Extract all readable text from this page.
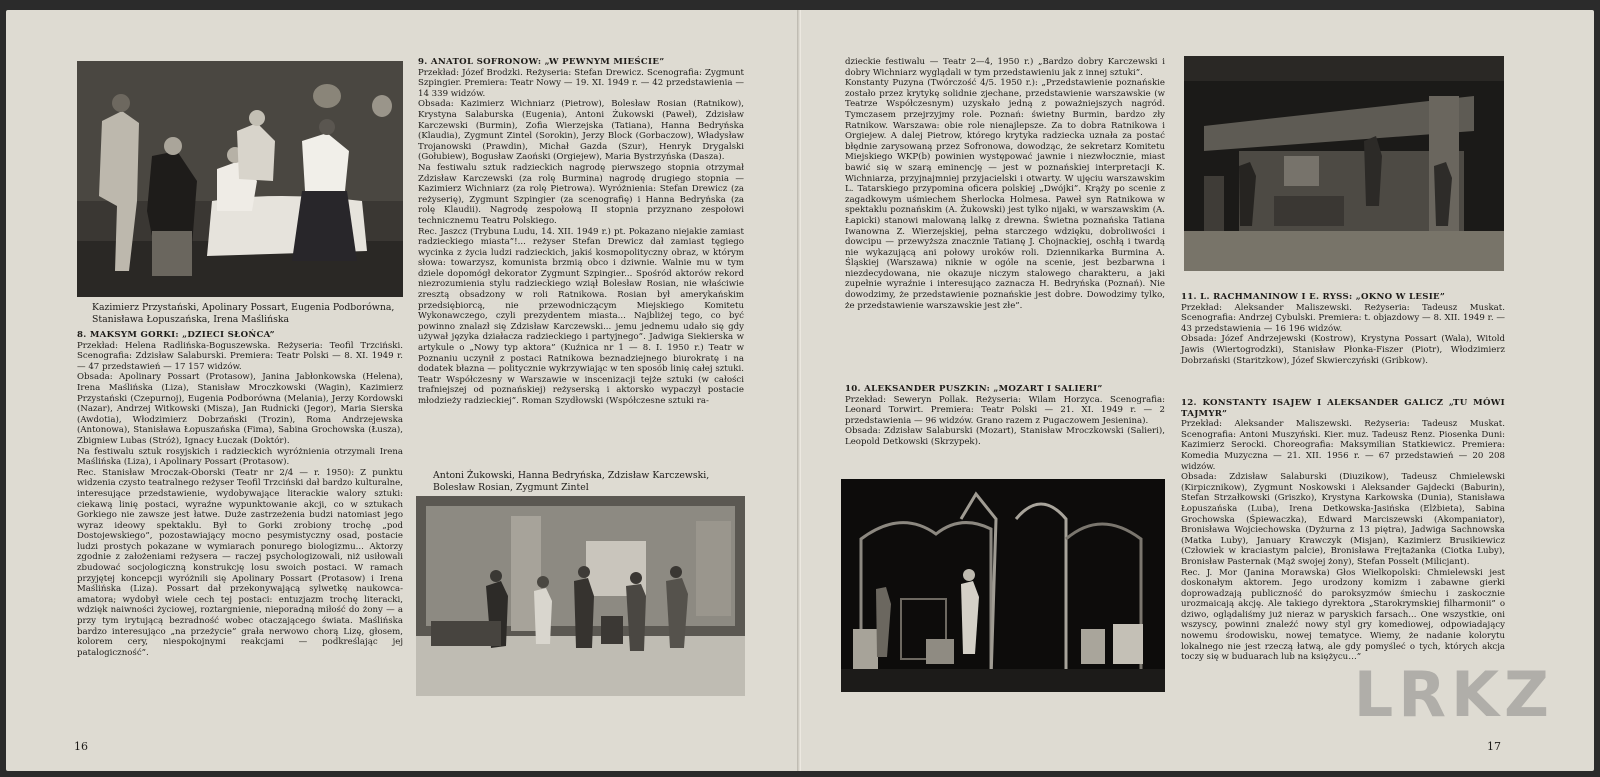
Kazimierz Przystański, Apolinary Possart, Eugenia Podborówna, Stanisława Łopuszańska, Irena Maślińska

8. MAKSYM GORKI: „DZIECI SŁOŃCA”

Przekład: Helena Radlińska-Boguszewska. Reżyseria: Teofil Trzciński. Scenografia: Zdzisław Salaburski. Premiera: Teatr Polski — 8. XI. 1949 r. — 47 przedstawień — 17 157 widzów.

Obsada: Apolinary Possart (Protasow), Janina Jabłonkowska (Helena), Irena Maślińska (Liza), Stanisław Mroczkowski (Wagin), Kazimierz Przystański (Czepurnoj), Eugenia Podborówna (Melania), Jerzy Kordowski (Nazar), Andrzej Witkowski (Misza), Jan Rudnicki (Jegor), Maria Sierska (Awdotia), Włodzimierz Dobrzański (Trozin), Roma Andrzejewska (Antonowa), Stanisława Łopuszańska (Fima), Sabina Grochowska (Łusza), Zbigniew Lubas (Stróż), Ignacy Łuczak (Doktór).

Na festiwalu sztuk rosyjskich i radzieckich wyróżnienia otrzymali Irena Maślińska (Liza), i Apolinary Possart (Protasow).

Rec. Stanisław Mroczak-Oborski (Teatr nr 2/4 — r. 1950): Z punktu widzenia czysto teatralnego reżyser Teofil Trzciński dał bardzo kulturalne, interesujące przedstawienie, wydobywające literackie walory sztuki: ciekawą linię postaci, wyraźne wypunktowanie akcji, co w sztukach Gorkiego nie zawsze jest łatwe. Duże zastrzeżenia budzi natomiast jego wyraz ideowy spektaklu. Był to Gorki zrobiony trochę „pod Dostojewskiego”, pozostawiający mocno pesymistyczny osad, postacie ludzi prostych pokazane w wymiarach ponurego biologizmu... Aktorzy zgodnie z założeniami reżysera — raczej psychologizowali, niż usiłowali zbudować socjologiczną konstrukcję losu swoich postaci. W ramach przyjętej koncepcji wyróżnili się Apolinary Possart (Protasow) i Irena Maślińska (Liza). Possart dał przekonywającą sylwetkę naukowca-amatora; wydobył wiele cech tej postaci: entuzjazm trochę literacki, wdzięk naiwności życiowej, roztargnienie, nieporadną miłość do żony — a przy tym irytującą bezradność wobec otaczającego świata. Maślińska bardzo interesująco „na przeżycie” grała nerwowo chorą Lizę, głosem, kolorem cery, niespokojnymi reakcjami — podkreślając jej patalogiczność”.

9. ANATOL SOFRONOW: „W PEWNYM MIEŚCIE”

Przekład: Józef Brodzki. Reżyseria: Stefan Drewicz. Scenografia: Zygmunt Szpingier. Premiera: Teatr Nowy — 19. XI. 1949 r. — 42 przedstawienia — 14 339 widzów.

Obsada: Kazimierz Wichniarz (Pietrow), Bolesław Rosian (Ratnikow), Krystyna Salaburska (Eugenia), Antoni Żukowski (Paweł), Zdzisław Karczewski (Burmin), Zofia Wierzejska (Tatiana), Hanna Bedryńska (Klaudia), Zygmunt Zintel (Sorokin), Jerzy Block (Gorbaczow), Władysław Trojanowski (Prawdin), Michał Gazda (Szur), Henryk Drygalski (Gołubiew), Bogusław Zaoński (Orgiejew), Maria Bystrzyńska (Dasza).

Na festiwalu sztuk radzieckich nagrodę pierwszego stopnia otrzymał Zdzisław Karczewski (za rolę Burmina) nagrodę drugiego stopnia — Kazimierz Wichniarz (za rolę Pietrowa). Wyróżnienia: Stefan Drewicz (za reżyserię), Zygmunt Szpingier (za scenografię) i Hanna Bedryńska (za rolę Klaudii). Nagrodę zespołową II stopnia przyznano zespołowi technicznemu Teatru Polskiego.

Rec. Jaszcz (Trybuna Ludu, 14. XII. 1949 r.) pt. Pokazano niejakie zamiast radzieckiego miasta”!... reżyser Stefan Drewicz dał zamiast tęgiego wycinka z życia ludzi radzieckich, jakiś kosmopolityczny obraz, w którym słowa: towarzysz, komunista brzmią obco i dziwnie. Walnie mu w tym dziele dopomógł dekorator Zygmunt Szpingier... Spośród aktorów rekord niezrozumienia stylu radzieckiego wziął Bolesław Rosian, nie właściwie zresztą obsadzony w roli Ratnikowa. Rosian był amerykańskim przedsiębiorcą, nie przewodniczącym Miejskiego Komitetu Wykonawczego, czyli prezydentem miasta... Najbliżej tego, co być powinno znalazł się Zdzisław Karczewski... jemu jednemu udało się gdy używał języka działacza radzieckiego i partyjnego”. Jadwiga Siekierska w artykule o „Nowy typ aktora” (Kuźnica nr 1 — 8. I. 1950 r.) Teatr w Poznaniu uczynił z postaci Ratnikowa beznadziejnego biurokratę i na dodatek błazna — politycznie wykrzywiając w ten sposób linię całej sztuki. Teatr Współczesny w Warszawie w inscenizacji tejże sztuki (w całości trafniejszej od poznańskiej) reżyserską i aktorsko wypaczył postacie młodzieży radzieckiej”. Roman Szydłowski (Współczesne sztuki ra-

Antoni Żukowski, Hanna Bedryńska, Zdzisław Karczewski, Bolesław Rosian, Zygmunt Zintel

16

dzieckie festiwalu — Teatr 2—4, 1950 r.) „Bardzo dobry Karczewski i dobry Wichniarz wyglądali w tym przedstawieniu jak z innej sztuki”.

Konstanty Puzyna (Twórczość 4/5. 1950 r.): „Przedstawienie poznańskie zostało przez krytykę solidnie zjechane, przedstawienie warszawskie (w Teatrze Współczesnym) uzyskało jedną z poważniejszych nagród. Tymczasem przejrzyjmy role. Poznań: świetny Burmin, bardzo zły Ratnikow. Warszawa: obie role nienajlepsze. Za to dobra Ratnikowa i Orgiejew. A dalej Pietrow, którego krytyka radziecka uznała za postać błędnie zarysowaną przez Sofronowa, dowodząc, że sekretarz Komitetu Miejskiego WKP(b) powinien występować jawnie i niezwłocznie, miast bawić się w szarą eminencję — jest w poznańskiej interpretacji K. Wichniarza, przyjnajmniej przyjacielski i otwarty. W ujęciu warszawskim L. Tatarskiego przypomina oficera polskiej „Dwójki”. Krąży po scenie z zagadkowym uśmiechem Sherlocka Holmesa. Paweł syn Ratnikowa w spektaklu poznańskim (A. Żukowski) jest tylko nijaki, w warszawskim (A. Łapicki) stanowi malowaną lalkę z drewna. Świetna poznańska Tatiana Iwanowna Z. Wierzejskiej, pełna starczego wdzięku, dobroliwości i dowcipu — przewyższa znacznie Tatianę J. Chojnackiej, oschłą i twardą nie wykazującą ani połowy uroków roli. Dziennikarka Burmina A. Śląskiej (Warszawa) niknie w ogóle na scenie, jest bezbarwna i niezdecydowana, nie okazuje niczym stalowego charakteru, a jaki zupełnie wyraźnie i interesująco zaznacza H. Bedryńska (Poznań). Nie dowodzimy, że przedstawienie poznańskie jest dobre. Dowodzimy tylko, że przedstawienie warszawskie jest złe”.

10. ALEKSANDER PUSZKIN: „MOZART I SALIERI”

Przekład: Seweryn Pollak. Reżyseria: Wilam Horzyca. Scenografia: Leonard Torwirt. Premiera: Teatr Polski — 21. XI. 1949 r. — 2 przedstawienia — 96 widzów. Grano razem z Pugaczowem Jesienina).

Obsada: Zdzisław Salaburski (Mozart), Stanisław Mroczkowski (Salieri), Leopold Detkowski (Skrzypek).

11. L. RACHMANINOW I E. RYSS: „OKNO W LESIE”

Przekład: Aleksander Maliszewski. Reżyseria: Tadeusz Muskat. Scenografia: Andrzej Cybulski. Premiera: t. objazdowy — 8. XII. 1949 r. — 43 przedstawienia — 16 196 widzów.

Obsada: Józef Andrzejewski (Kostrow), Krystyna Possart (Wala), Witold Jawis (Wiertogrodzki), Stanisław Płonka-Fiszer (Piotr), Włodzimierz Dobrzański (Staritzkow), Józef Skwierczyński (Gribkow).

12. KONSTANTY ISAJEW I ALEKSANDER GALICZ „TU MÓWI TAJMYR”

Przekład: Aleksander Maliszewski. Reżyseria: Tadeusz Muskat. Scenografia: Antoni Muszyński. Kier. muz. Tadeusz Renz. Piosenka Duni: Kazimierz Serocki. Choreografia: Maksymilian Statkiewicz. Premiera: Komedia Muzyczna — 21. XII. 1956 r. — 67 przedstawień — 20 208 widzów.

Obsada: Zdzisław Salaburski (Diuzikow), Tadeusz Chmielewski (Kirpicznikow), Zygmunt Noskowski i Aleksander Gajdecki (Baburin), Stefan Strzałkowski (Griszko), Krystyna Karkowska (Dunia), Stanisława Łopuszańska (Luba), Irena Detkowska-Jasińska (Elżbieta), Sabina Grochowska (Śpiewaczka), Edward Marciszewski (Akompaniator), Bronisława Wojciechowska (Dyżurna z 13 piętra), Jadwiga Sachnowska (Matka Luby), January Krawczyk (Misjan), Kazimierz Brusikiewicz (Człowiek w kraciastym palcie), Bronisława Frejtażanka (Ciotka Luby), Bronisław Pasternak (Mąż swojej żony), Stefan Posselt (Milicjant).

Rec. J. Mor (Janina Morawska) Głos Wielkopolski: Chmielewski jest doskonałym aktorem. Jego urodzony komizm i zabawne gierki doprowadzają publiczność do paroksyzmów śmiechu i zaskocznie urozmaicają akcję. Ale takiego dyrektora „Starokrymskiej filharmonii” o dziwo, oglądaliśmy już nieraz w paryskich farsach... One wszystkie, oni wszyscy, powinni znaleźć nowy styl gry komediowej, odpowiadający nowemu środowisku, nowej tematyce. Wiemy, że nadanie kolorytu lokalnego nie jest rzeczą łatwą, ale gdy pomyśleć o tych, których akcja toczy się w buduarach lub na księżycu…”

17
LRKZ
